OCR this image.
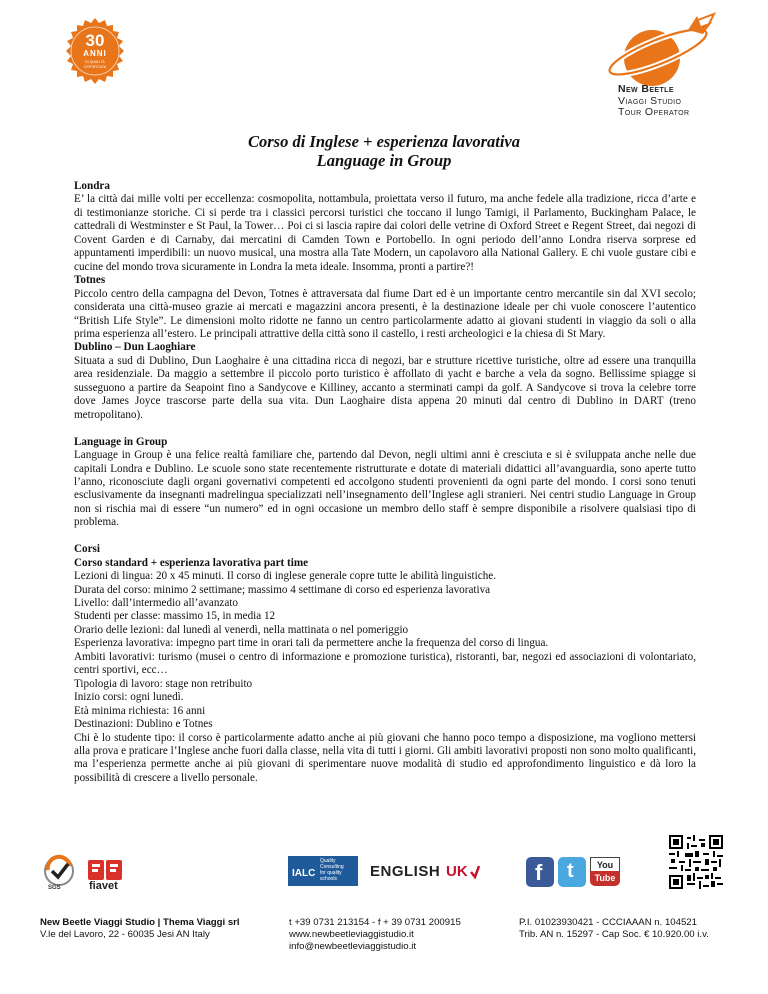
30
ANNI
DI QUALITÀ
CERTIFICATA
New Beetle
Viaggi Studio
Tour Operator
Corso di Inglese + esperienza lavorativa
Language in Group

Londra

E’ la città dai mille volti per eccellenza: cosmopolita, nottambula, proiettata verso il futuro, ma anche fedele alla tradizione, ricca d’arte e di testimonianze storiche. Ci si perde tra i classici percorsi turistici che toccano il lungo Tamigi, il Parlamento, Buckingham Palace, le cattedrali di Westminster e St Paul, la Tower… Poi ci si lascia rapire dai colori delle vetrine di Oxford Street e Regent Street, dai negozi di Covent Garden e di Carnaby, dai mercatini di Camden Town e Portobello. In ogni periodo dell’anno Londra riserva sorprese ed appuntamenti imperdibili: un nuovo musical, una mostra alla Tate Modern, un capolavoro alla National Gallery. E chi vuole gustare cibi e cucine del mondo trova sicuramente in Londra la meta ideale. Insomma, pronti a partire?!

Totnes

Piccolo centro della campagna del Devon, Totnes è attraversata dal fiume Dart ed è un importante centro mercantile sin dal XVI secolo; considerata una città-museo grazie ai mercati e magazzini ancora presenti, è la destinazione ideale per chi vuole conoscere l’autentico “British Life Style”. Le dimensioni molto ridotte ne fanno un centro particolarmente adatto ai giovani studenti in viaggio da soli o alla prima esperienza all’estero. Le principali attrattive della città sono il castello, i resti archeologici e la chiesa di St Mary.

Dublino – Dun Laoghiare

Situata a sud di Dublino, Dun Laoghaire è una cittadina ricca di negozi, bar e strutture ricettive turistiche, oltre ad essere una tranquilla area residenziale. Da maggio a settembre il piccolo porto turistico è affollato di yacht e barche a vela da sogno. Bellissime spiagge si susseguono a partire da Seapoint fino a Sandycove e Killiney, accanto a sterminati campi da golf. A Sandycove si trova la celebre torre dove James Joyce trascorse parte della sua vita. Dun Laoghaire dista appena 20 minuti dal centro di Dublino in DART (treno metropolitano).

Language in Group

Language in Group è una felice realtà familiare che, partendo dal Devon, negli ultimi anni è cresciuta e si è sviluppata anche nelle due capitali Londra e Dublino. Le scuole sono state recentemente ristrutturate e dotate di materiali didattici all’avanguardia, sono aperte tutto l’anno, riconosciute dagli organi governativi competenti ed accolgono studenti provenienti da ogni parte del mondo. I corsi sono tenuti esclusivamente da insegnanti madrelingua specializzati nell’insegnamento dell’Inglese agli stranieri. Nei centri studio Language in Group non si rischia mai di essere “un numero” ed in ogni occasione un membro dello staff è sempre disponibile a risolvere qualsiasi tipo di problema.

Corsi

Corso standard + esperienza lavorativa part time

Lezioni di lingua: 20 x 45 minuti. Il corso di inglese generale copre tutte le abilità linguistiche.

Durata del corso: minimo 2 settimane; massimo 4 settimane di corso ed esperienza lavorativa

Livello: dall’intermedio all’avanzato

Studenti per classe: massimo 15, in media 12

Orario delle lezioni: dal lunedì al venerdì, nella mattinata o nel pomeriggio

Esperienza lavorativa: impegno part time in orari tali da permettere anche la frequenza del corso di lingua.

Ambiti lavorativi: turismo (musei o centro di informazione e promozione turistica), ristoranti, bar, negozi ed associazioni di volontariato, centri sportivi, ecc…

Tipologia di lavoro: stage non retribuito

Inizio corsi: ogni lunedì.

Età minima richiesta: 16 anni

Destinazioni: Dublino e Totnes

Chi è lo studente tipo: il corso è particolarmente adatto anche ai più giovani che hanno poco tempo a disposizione, ma vogliono mettersi alla prova e praticare l’Inglese anche fuori dalla classe, nella vita di tutti i giorni. Gli ambiti lavorativi proposti non sono molto qualificanti, ma l’esperienza permette anche ai più giovani di sperimentare nuove modalità di studio ed approfondimento linguistico e dà loro la possibilità di crescere a livello personale.

SGS	fiavet
IALC
Quality
Consulting
for quality
schools	ENGLISH UK	f t	You
Tube
New Beetle Viaggi Studio | Thema Viaggi srl
V.le del Lavoro, 22 - 60035 Jesi AN Italy
t +39 0731 213154 - f + 39 0731 200915
www.newbeetleviaggistudio.it
info@newbeetleviaggistudio.it
P.I. 01023930421 - CCCIAAAN n. 104521
Trib. AN n. 15297 - Cap Soc. € 10.920.00 i.v.
